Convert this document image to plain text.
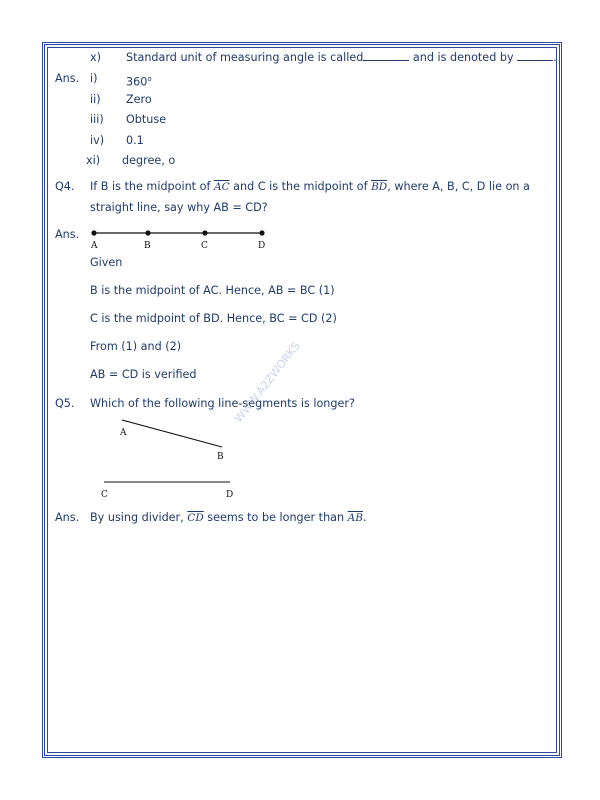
x) Standard unit of measuring angle is called	and is denoted by	.
Ans. i)	360$^o$
ii) Zero
iii) Obtuse
iv) 0.1
xi) degree, o
Q4. If B is the midpoint of $\overline{AC}$ and C is the midpoint of $\overline{BD}$, where A, B, C, D lie on a
straight line, say why AB = CD?
Ans.
A	B	C	D
A
B
C	D
Given
B is the midpoint of AC. Hence, AB = BC (1)
C is the midpoint of BD. Hence, BC = CD (2)
From (1) and (2)
AB = CD is verified
Q5. Which of the following line-segments is longer?
Ans. By using divider, $\overline{CD}$ seems to be longer than $\overline{AB}$.
WWW.A2ZWORKS
